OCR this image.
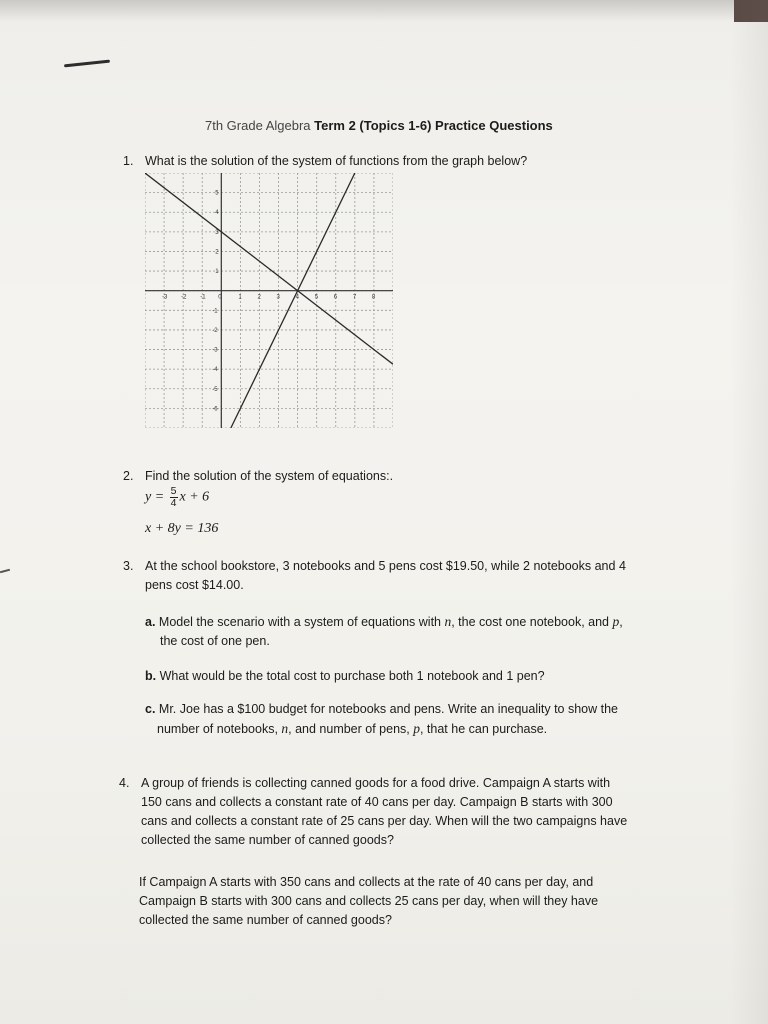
7th Grade Algebra Term 2 (Topics 1-6) Practice Questions
1. What is the solution of the system of functions from the graph below?
-3 -2 -1 0	1	2	3	4	5	6	7	8
5
4
3
2
1
-1
-2
-3
-4
-5
-6
2. Find the solution of the system of equations:.
$y = \frac{5}{4}$ x + 6
x + 8y = 136
3. At the school bookstore, 3 notebooks and 5 pens cost $19.50, while 2 notebooks and 4
pens cost $14.00.
a. Model the scenario with a system of equations with n, the cost one notebook, and p,
the cost of one pen.
b. What would be the total cost to purchase both 1 notebook and 1 pen?
c. Mr. Joe has a $100 budget for notebooks and pens. Write an inequality to show the
number of notebooks, n, and number of pens, p, that he can purchase.
4. A group of friends is collecting canned goods for a food drive. Campaign A starts with
150 cans and collects a constant rate of 40 cans per day. Campaign B starts with 300
cans and collects a constant rate of 25 cans per day. When will the two campaigns have
collected the same number of canned goods?
If Campaign A starts with 350 cans and collects at the rate of 40 cans per day, and
Campaign B starts with 300 cans and collects 25 cans per day, when will they have
collected the same number of canned goods?
